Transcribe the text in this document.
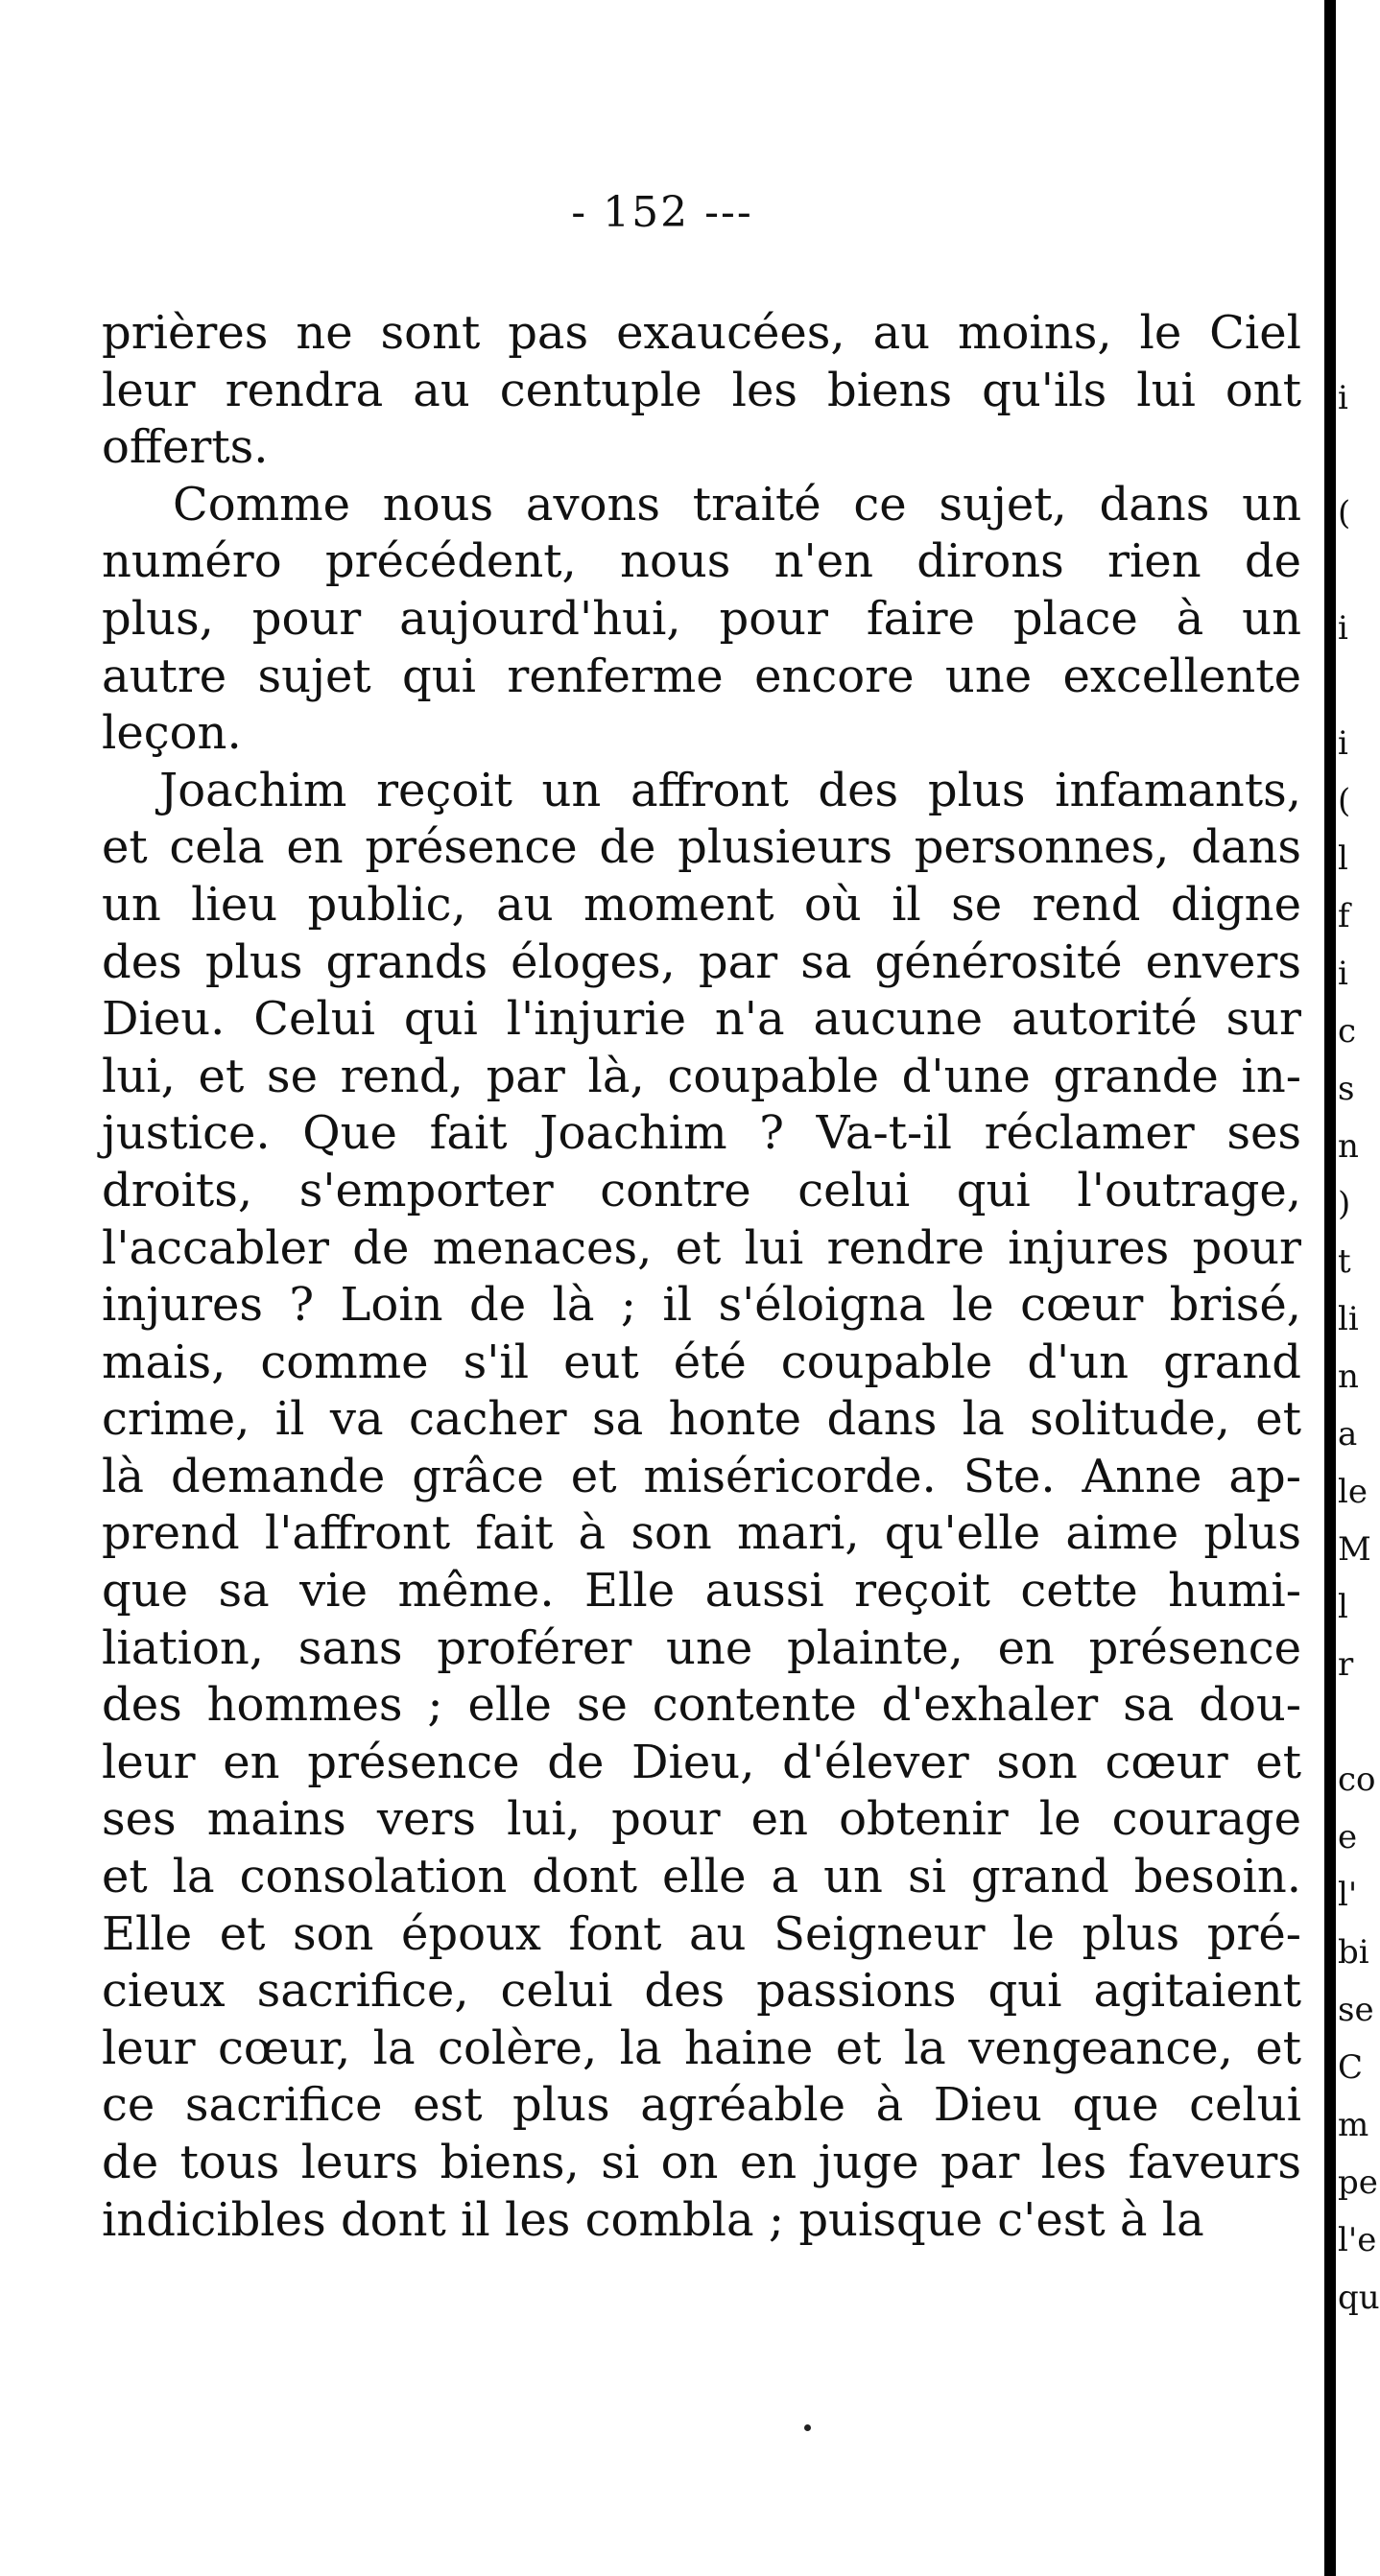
- 152 ---
prières ne sont pas exaucées, au moins, le Ciel
leur rendra au centuple les biens qu'ils lui ont
offerts.
Comme nous avons traité ce sujet, dans un
numéro précédent, nous n'en dirons rien de
plus, pour aujourd'hui, pour faire place à un
autre sujet qui renferme encore une excellente
leçon.
Joachim reçoit un affront des plus infamants,
et cela en présence de plusieurs personnes, dans
un lieu public, au moment où il se rend digne
des plus grands éloges, par sa générosité envers
Dieu. Celui qui l'injurie n'a aucune autorité sur
lui, et se rend, par là, coupable d'une grande in-
justice. Que fait Joachim ? Va-t-il réclamer ses
droits, s'emporter contre celui qui l'outrage,
l'accabler de menaces, et lui rendre injures pour
injures ? Loin de là ; il s'éloigna le cœur brisé,
mais, comme s'il eut été coupable d'un grand
crime, il va cacher sa honte dans la solitude, et
là demande grâce et miséricorde. Ste. Anne ap-
prend l'affront fait à son mari, qu'elle aime plus
que sa vie même. Elle aussi reçoit cette humi-
liation, sans proférer une plainte, en présence
des hommes ; elle se contente d'exhaler sa dou-
leur en présence de Dieu, d'élever son cœur et
ses mains vers lui, pour en obtenir le courage
et la consolation dont elle a un si grand besoin.
Elle et son époux font au Seigneur le plus pré-
cieux sacrifice, celui des passions qui agitaient
leur cœur, la colère, la haine et la vengeance, et
ce sacrifice est plus agréable à Dieu que celui
de tous leurs biens, si on en juge par les faveurs
indicibles dont il les combla ; puisque c'est à la
i
(
i
i
(
l
f
i
c
s
n
)
t
li
n
a
le
M
l
r
co
e
l'
bi
se
C
m
pe
l'e
qu
